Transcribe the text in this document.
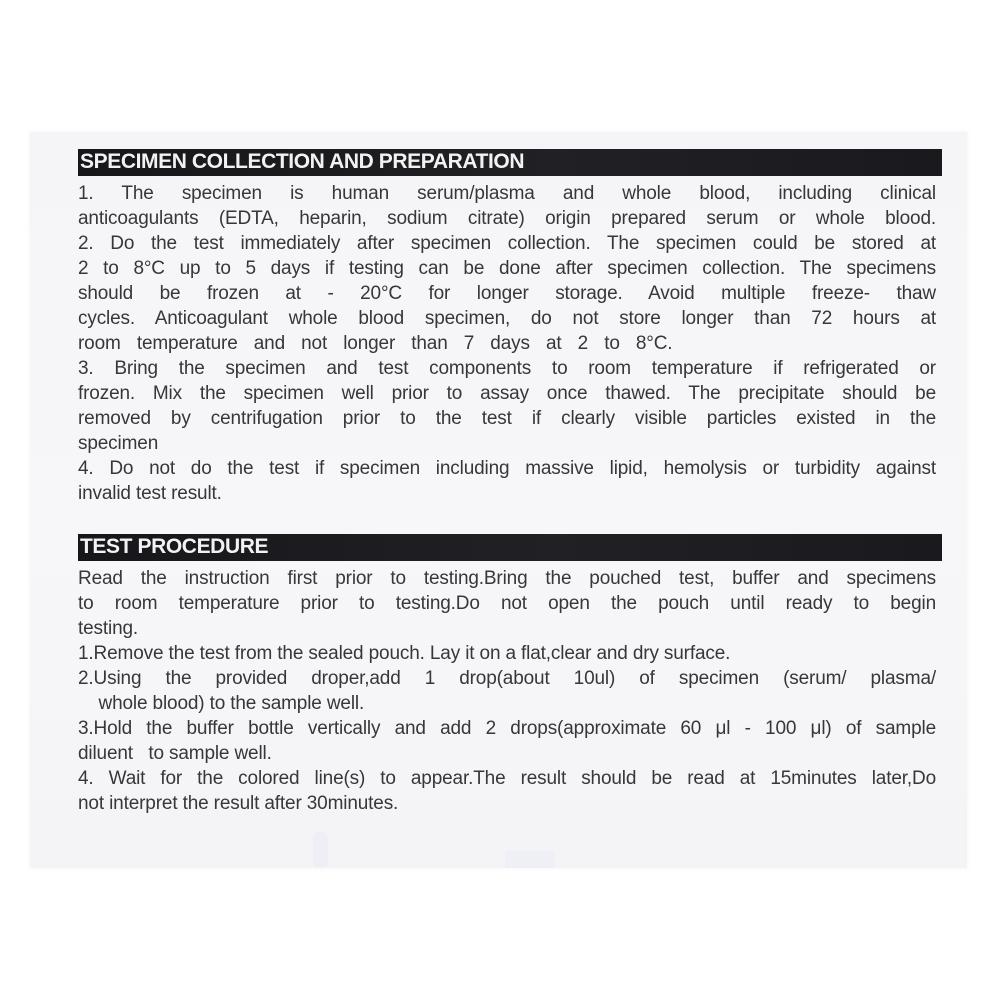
SPECIMEN COLLECTION AND PREPARATION
1. The specimen is human serum/plasma and whole blood, including clinical
anticoagulants (EDTA, heparin, sodium citrate) origin prepared serum or whole blood.
2. Do the test immediately after specimen collection. The specimen could be stored at
2 to 8°C up to 5 days if testing can be done after specimen collection. The specimens
should be frozen at - 20°C for longer storage. Avoid multiple freeze- thaw
cycles. Anticoagulant whole blood specimen, do not store longer than 72 hours at
room temperature and not longer than 7 days at 2 to 8°C.
3. Bring the specimen and test components to room temperature if refrigerated or
frozen. Mix the specimen well prior to assay once thawed. The precipitate should be
removed by centrifugation prior to the test if clearly visible particles existed in the
specimen
4. Do not do the test if specimen including massive lipid, hemolysis or turbidity against
invalid test result.
TEST PROCEDURE
Read the instruction first prior to testing.Bring the pouched test, buffer and specimens
to room temperature prior to testing.Do not open the pouch until ready to begin
testing.
1.Remove the test from the sealed pouch. Lay it on a flat,clear and dry surface.
2.Using the provided droper,add 1 drop(about 10ul) of specimen (serum/ plasma/
whole blood) to the sample well.
3.Hold the buffer bottle vertically and add 2 drops(approximate 60 μl - 100 μl) of sample
diluent   to sample well.
4. Wait for the colored line(s) to appear.The result should be read at 15minutes later,Do
not interpret the result after 30minutes.
